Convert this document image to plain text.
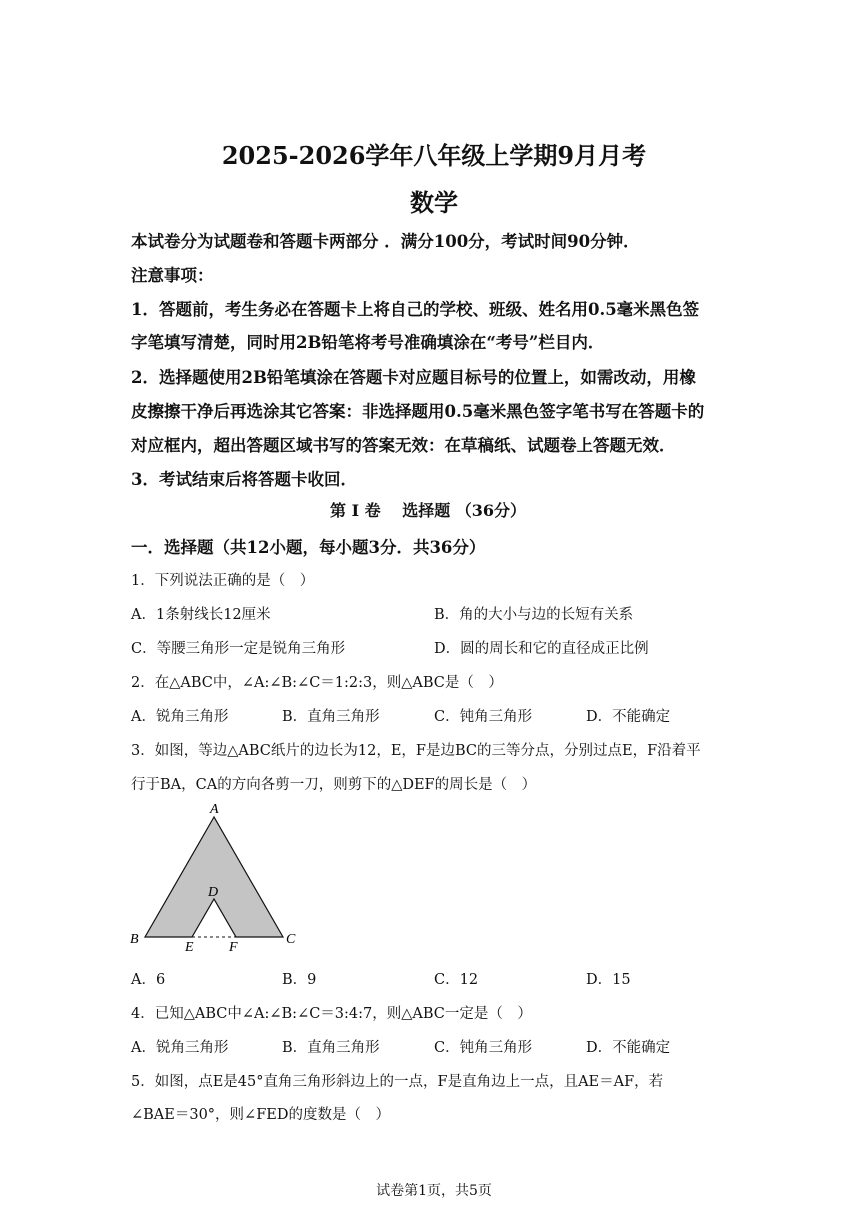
2025-2026学年八年级上学期9月月考
数学
本试卷分为试题卷和答题卡两部分 ．满分100分，考试时间90分钟．
注意事项：
1．答题前，考生务必在答题卡上将自己的学校、班级、姓名用0.5毫米黑色签
字笔填写清楚，同时用2B铅笔将考号准确填涂在“考号”栏目内．
2．选择题使用2B铅笔填涂在答题卡对应题目标号的位置上，如需改动，用橡
皮擦擦干净后再选涂其它答案：非选择题用0.5毫米黑色签字笔书写在答题卡的
对应框内，超出答题区域书写的答案无效：在草稿纸、试题卷上答题无效．
3．考试结束后将答题卡收回．
第 I 卷　 选择题 （36分）
一．选择题（共12小题，每小题3分．共36分）
1．下列说法正确的是（　）
A．1条射线长12厘米	B．角的大小与边的长短有关系
C．等腰三角形一定是锐角三角形	D．圆的周长和它的直径成正比例
2．在△ABC中，∠A:∠B:∠C＝1:2:3，则△ABC是（　）
A．锐角三角形	B．直角三角形	C．钝角三角形	D．不能确定
3．如图，等边△ABC纸片的边长为12，E，F是边BC的三等分点，分别过点E，F沿着平
行于BA，CA的方向各剪一刀，则剪下的△DEF的周长是（　）
A
B	C
D
E	F
A．6	B．9	C．12	D．15
4．已知△ABC中∠A:∠B:∠C＝3:4:7，则△ABC一定是（　）
A．锐角三角形	B．直角三角形	C．钝角三角形	D．不能确定
5．如图，点E是45°直角三角形斜边上的一点，F是直角边上一点，且AE＝AF，若
∠BAE＝30°，则∠FED的度数是（　）
试卷第1页，共5页
